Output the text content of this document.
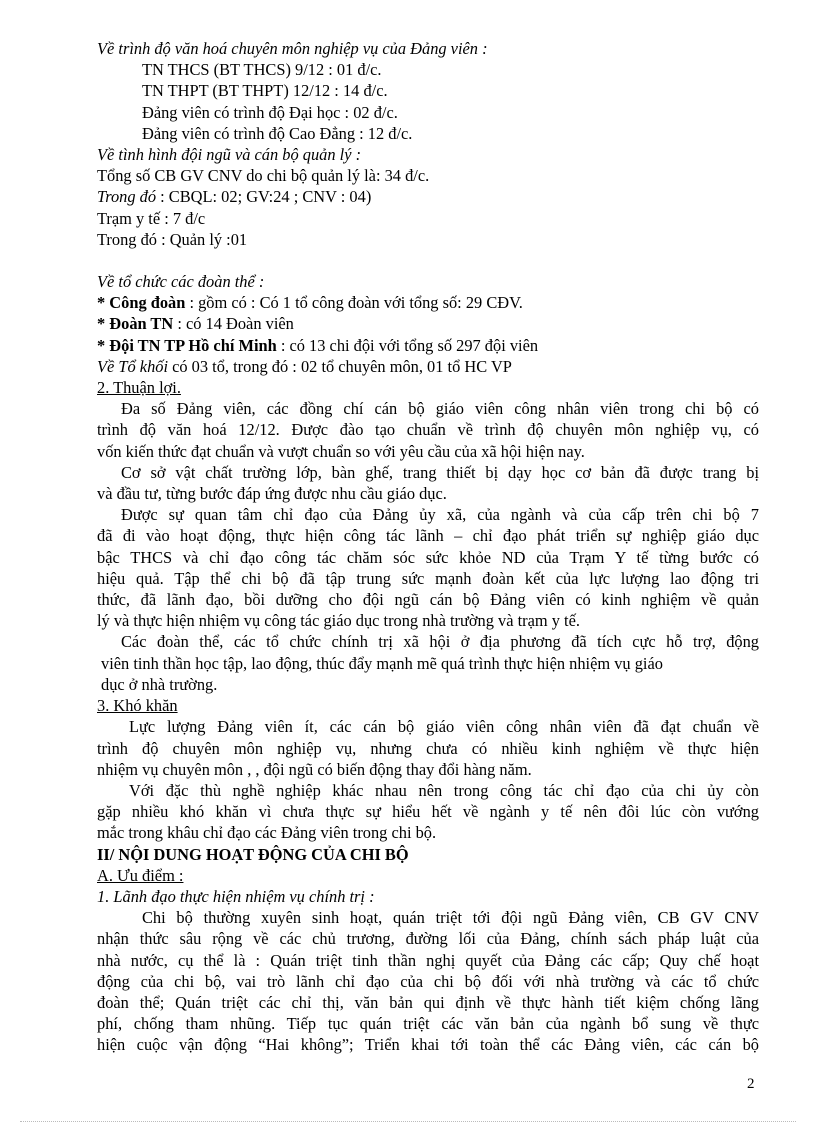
Về trình độ văn hoá chuyên môn nghiệp vụ của Đảng viên :
TN THCS (BT THCS) 9/12 : 01 đ/c.
TN THPT (BT THPT) 12/12 : 14 đ/c.
Đảng viên có trình độ Đại học : 02 đ/c.
Đảng viên có trình độ Cao Đẳng : 12 đ/c.
Về tình hình đội ngũ và cán bộ quản lý :
Tổng số CB GV CNV do chi bộ quản lý là: 34 đ/c.
Trong đó : CBQL: 02; GV:24 ; CNV : 04)
Trạm y tế : 7 đ/c
Trong đó : Quản lý :01
Về tổ chức các đoàn thể :
* Công đoàn : gồm có : Có 1 tổ công đoàn với tổng số: 29 CĐV.
* Đoàn TN : có 14 Đoàn viên
* Đội TN TP Hồ chí Minh : có 13 chi đội với tổng số 297 đội viên
Về Tổ khối có 03 tổ, trong đó : 02 tổ chuyên môn, 01 tổ HC VP
2. Thuận lợi.
Đa số Đảng viên, các đồng chí cán bộ giáo viên công nhân viên trong chi bộ có
trình độ văn hoá 12/12. Được đào tạo chuẩn về trình độ chuyên môn nghiệp vụ, có
vốn kiến thức đạt chuẩn và vượt chuẩn so với yêu cầu của xã hội hiện nay.
Cơ sở vật chất trường lớp, bàn ghế, trang thiết bị dạy học cơ bản đã được trang bị
và đầu tư, từng bước đáp ứng được nhu cầu giáo dục.
Được sự quan tâm chỉ đạo của Đảng ủy xã, của ngành và của cấp trên chi bộ 7
đã đi vào hoạt động, thực hiện công tác lãnh – chỉ đạo phát triển sự nghiệp giáo dục
bậc THCS và chỉ đạo công tác chăm sóc sức khỏe ND của Trạm Y tế từng bước có
hiệu quả. Tập thể chi bộ đã tập trung sức mạnh đoàn kết của lực lượng lao động tri
thức, đã lãnh đạo, bồi dưỡng cho đội ngũ cán bộ Đảng viên có kinh nghiệm về quản
lý và thực hiện nhiệm vụ công tác giáo dục trong nhà trường và trạm y tế.
Các đoàn thể, các tổ chức chính trị xã hội ở địa phương đã tích cực hỗ trợ, động
viên tinh thần học tập, lao động, thúc đẩy mạnh mẽ quá trình thực hiện nhiệm vụ giáo
dục ở nhà trường.
3. Khó khăn
Lực lượng Đảng viên ít, các cán bộ giáo viên công nhân viên đã đạt chuẩn về
trình độ chuyên môn nghiệp vụ, nhưng chưa có nhiều kinh nghiệm về thực hiện
nhiệm vụ chuyên môn , , đội ngũ có biến động thay đổi hàng năm.
Với đặc thù nghề nghiệp khác nhau nên trong công tác chỉ đạo của chi ủy còn
gặp nhiều khó khăn vì chưa thực sự hiểu hết về ngành y tế nên đôi lúc còn vướng
mắc trong khâu chỉ đạo các Đảng viên trong chi bộ.
II/ NỘI DUNG HOẠT ĐỘNG CỦA CHI BỘ
A. Ưu điểm :
1. Lãnh đạo thực hiện nhiệm vụ chính trị :
Chi bộ thường xuyên sinh hoạt, quán triệt tới đội ngũ Đảng viên, CB GV CNV
nhận thức sâu rộng về các chủ trương, đường lối của Đảng, chính sách pháp luật của
nhà nước, cụ thể là : Quán triệt tinh thần nghị quyết của Đảng các cấp; Quy chế hoạt
động của chi bộ, vai trò lãnh chỉ đạo của chi bộ đối với nhà trường và các tổ chức
đoàn thể; Quán triệt các chỉ thị, văn bản qui định về thực hành tiết kiệm chống lãng
phí, chống tham nhũng. Tiếp tục quán triệt các văn bản của ngành bổ sung về thực
hiện cuộc vận động “Hai không”; Triển khai tới toàn thể các Đảng viên, các cán bộ
2
